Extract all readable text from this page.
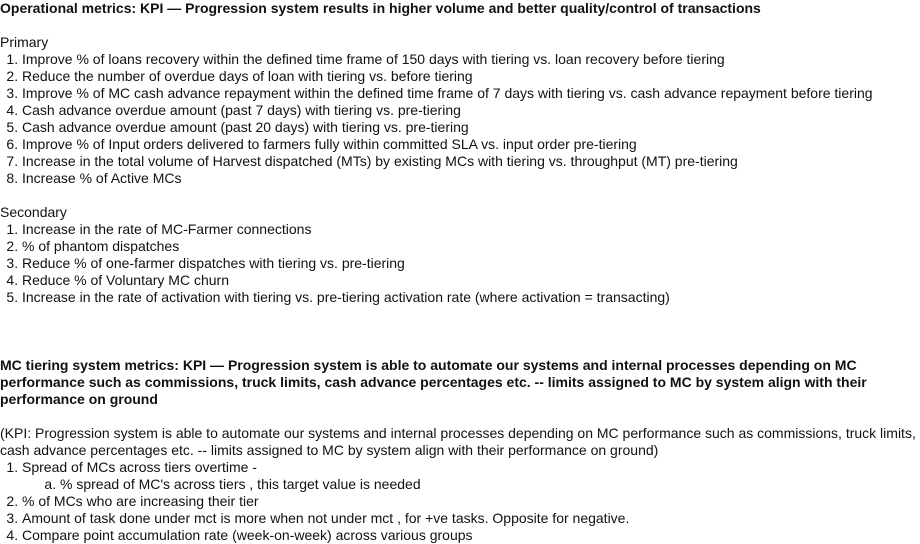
Operational metrics: KPI — Progression system results in higher volume and better quality/control of transactions

Primary

1. Improve % of loans recovery within the defined time frame of 150 days with tiering vs. loan recovery before tiering
2. Reduce the number of overdue days of loan with tiering vs. before tiering
3. Improve % of MC cash advance repayment within the defined time frame of 7 days with tiering vs. cash advance repayment before tiering
4. Cash advance overdue amount (past 7 days) with tiering vs. pre-tiering
5. Cash advance overdue amount (past 20 days) with tiering vs. pre-tiering
6. Improve % of Input orders delivered to farmers fully within committed SLA vs. input order pre-tiering
7. Increase in the total volume of Harvest dispatched (MTs) by existing MCs with tiering vs. throughput (MT) pre-tiering
8. Increase % of Active MCs

Secondary

1. Increase in the rate of MC-Farmer connections
2. % of phantom dispatches
3. Reduce % of one-farmer dispatches with tiering vs. pre-tiering
4. Reduce % of Voluntary MC churn
5. Increase in the rate of activation with tiering vs. pre-tiering activation rate (where activation = transacting)

MC tiering system metrics: KPI — Progression system is able to automate our systems and internal processes depending on MC performance such as commissions, truck limits, cash advance percentages etc. -- limits assigned to MC by system align with their performance on ground

(KPI: Progression system is able to automate our systems and internal processes depending on MC performance such as commissions, truck limits, cash advance percentages etc. -- limits assigned to MC by system align with their performance on ground)

1. Spread of MCs across tiers overtime -
a. % spread of MC's across tiers , this target value is needed
2. % of MCs who are increasing their tier
3. Amount of task done under mct is more when not under mct , for +ve tasks. Opposite for negative.
4. Compare point accumulation rate (week-on-week) across various groups
